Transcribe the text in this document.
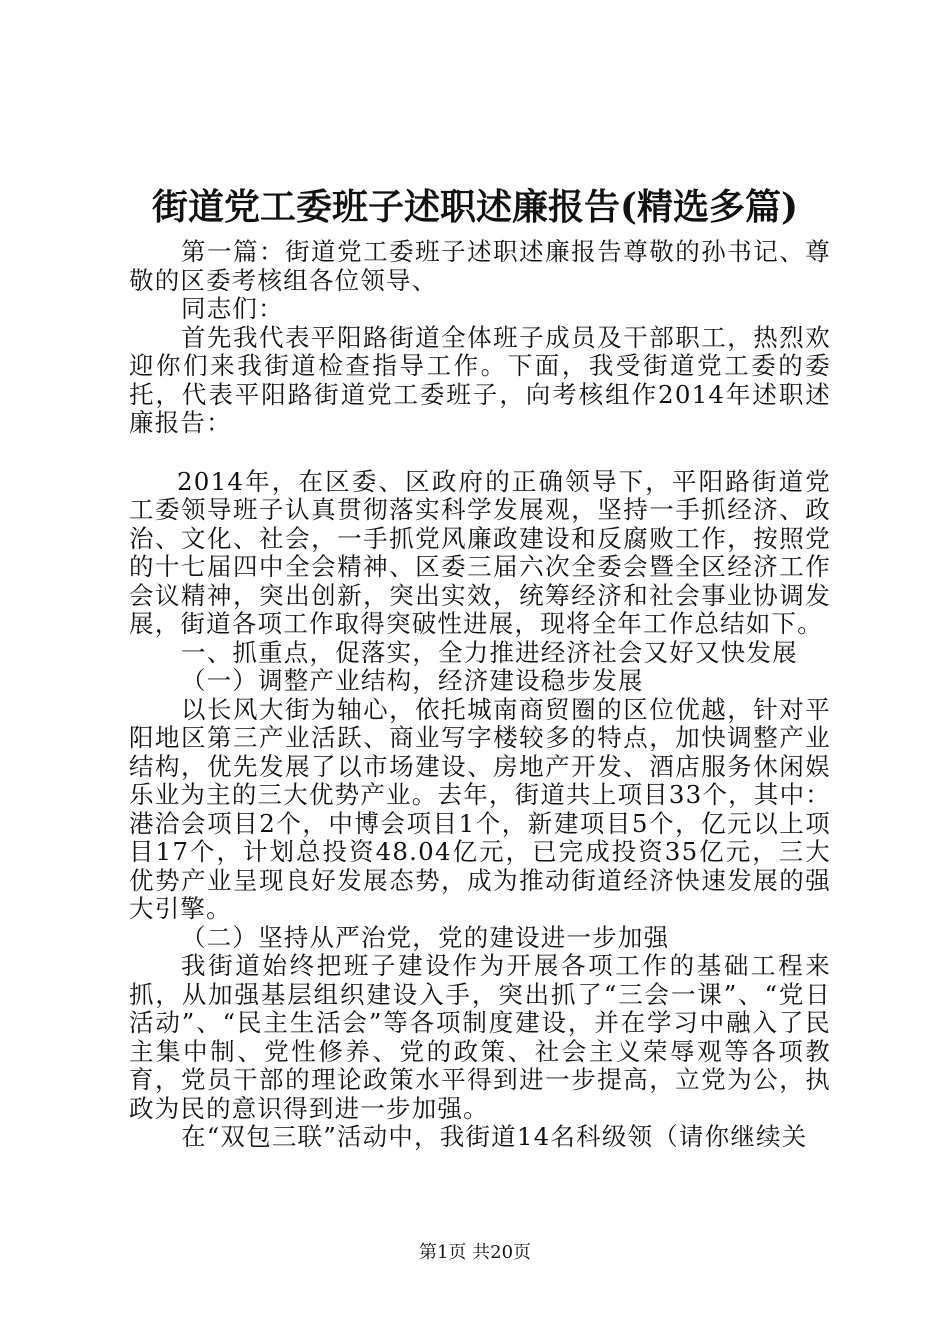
街道党工委班子述职述廉报告(精选多篇)

第一篇：街道党工委班子述职述廉报告尊敬的孙书记、尊敬的区委考核组各位领导、

同志们：

首先我代表平阳路街道全体班子成员及干部职工，热烈欢迎你们来我街道检查指导工作。下面，我受街道党工委的委托，代表平阳路街道党工委班子，向考核组作2014年述职述廉报告：

2014年，在区委、区政府的正确领导下，平阳路街道党工委领导班子认真贯彻落实科学发展观，坚持一手抓经济、政治、文化、社会，一手抓党风廉政建设和反腐败工作，按照党的十七届四中全会精神、区委三届六次全委会暨全区经济工作会议精神，突出创新，突出实效，统筹经济和社会事业协调发展，街道各项工作取得突破性进展，现将全年工作总结如下。

一、抓重点，促落实，全力推进经济社会又好又快发展

（一）调整产业结构，经济建设稳步发展

以长风大街为轴心，依托城南商贸圈的区位优越，针对平阳地区第三产业活跃、商业写字楼较多的特点，加快调整产业结构，优先发展了以市场建设、房地产开发、酒店服务休闲娱乐业为主的三大优势产业。去年，街道共上项目33个，其中：港洽会项目2个，中博会项目1个，新建项目5个，亿元以上项目17个，计划总投资48.04亿元，已完成投资35亿元，三大优势产业呈现良好发展态势，成为推动街道经济快速发展的强大引擎。

（二）坚持从严治党，党的建设进一步加强

我街道始终把班子建设作为开展各项工作的基础工程来抓，从加强基层组织建设入手，突出抓了“三会一课”、“党日活动”、“民主生活会”等各项制度建设，并在学习中融入了民主集中制、党性修养、党的政策、社会主义荣辱观等各项教育，党员干部的理论政策水平得到进一步提高，立党为公，执政为民的意识得到进一步加强。

在“双包三联”活动中，我街道14名科级领（请你继续关

第1页 共20页
